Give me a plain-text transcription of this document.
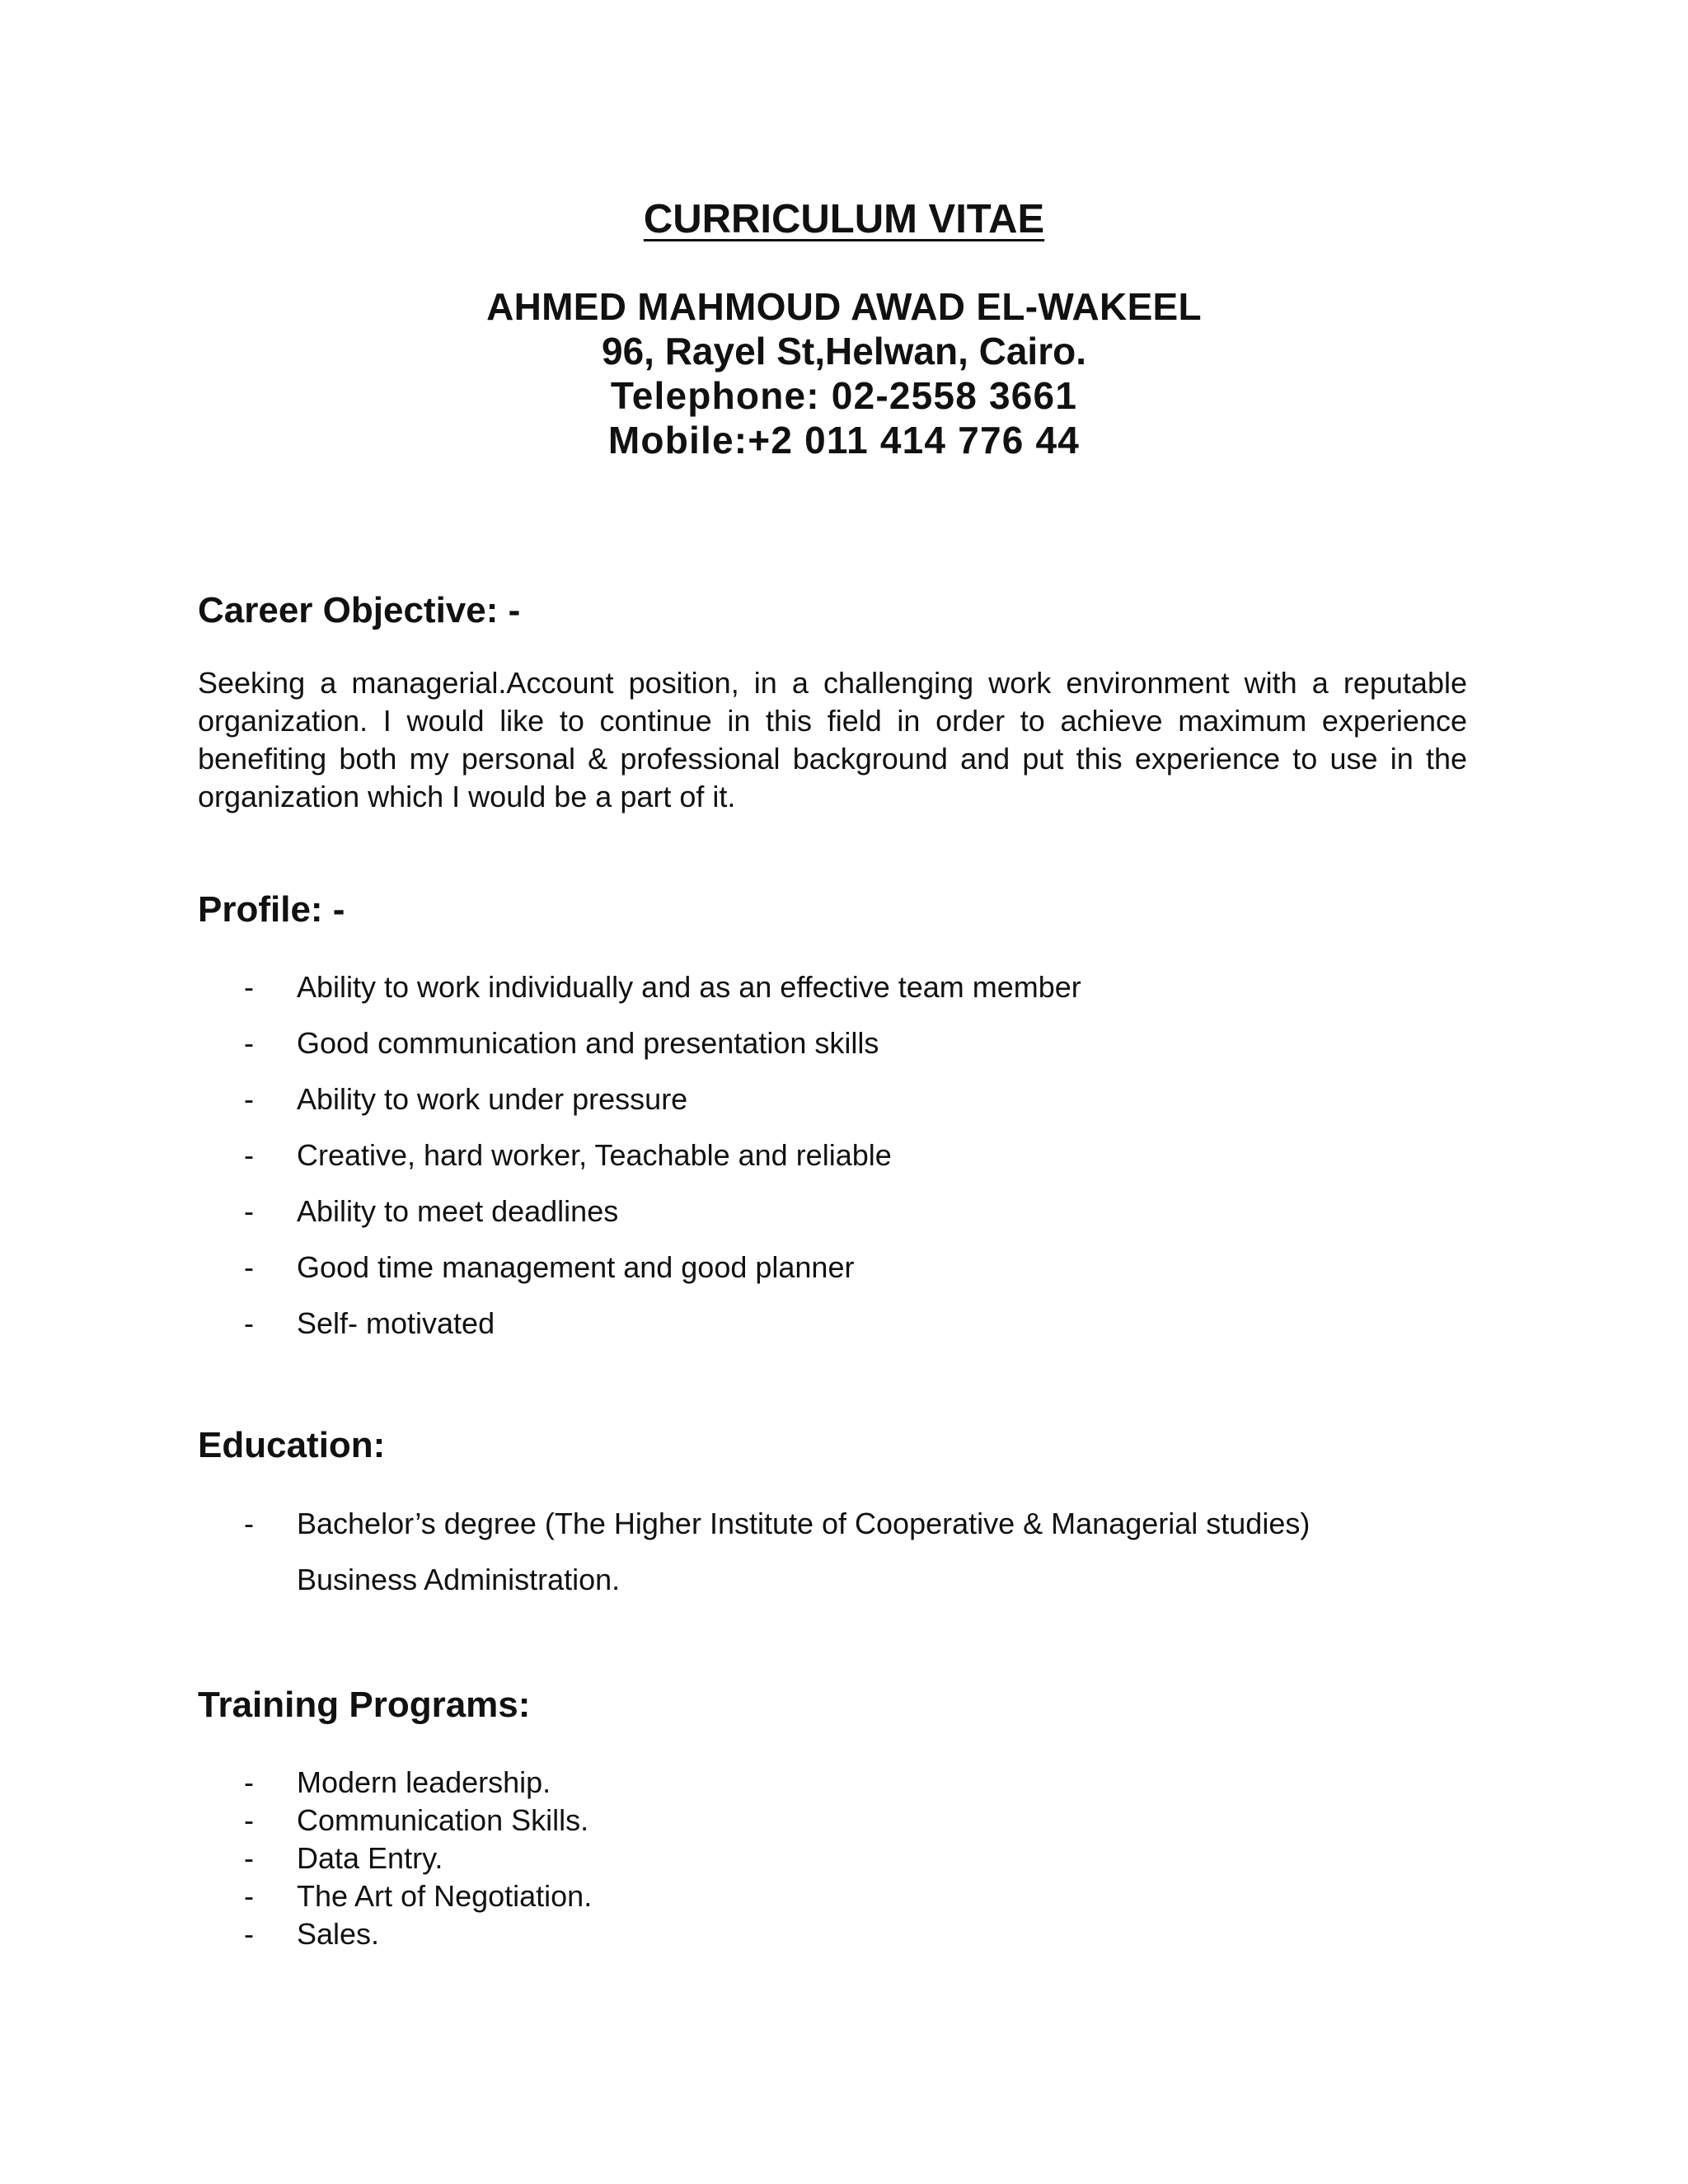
CURRICULUM VITAE
AHMED MAHMOUD AWAD EL-WAKEEL
96, Rayel St,Helwan, Cairo.
Telephone: 02-2558 3661
Mobile:+2 011 414 776 44
Career Objective: -
Seeking a managerial.Account position, in a challenging work environment with a reputable organization. I would like to continue in this field in order to achieve maximum experience benefiting both my personal & professional background and put this experience to use in the organization which I would be a part of it.
Profile: -
- Ability to work individually and as an effective team member
- Good communication and presentation skills
- Ability to work under pressure
- Creative, hard worker, Teachable and reliable
- Ability to meet deadlines
- Good time management and good planner
- Self- motivated
Education:
- Bachelor’s degree (The Higher Institute of Cooperative & Managerial studies)
Business Administration.
Training Programs:
- Modern leadership.
- Communication Skills.
- Data Entry.
- The Art of Negotiation.
- Sales.
